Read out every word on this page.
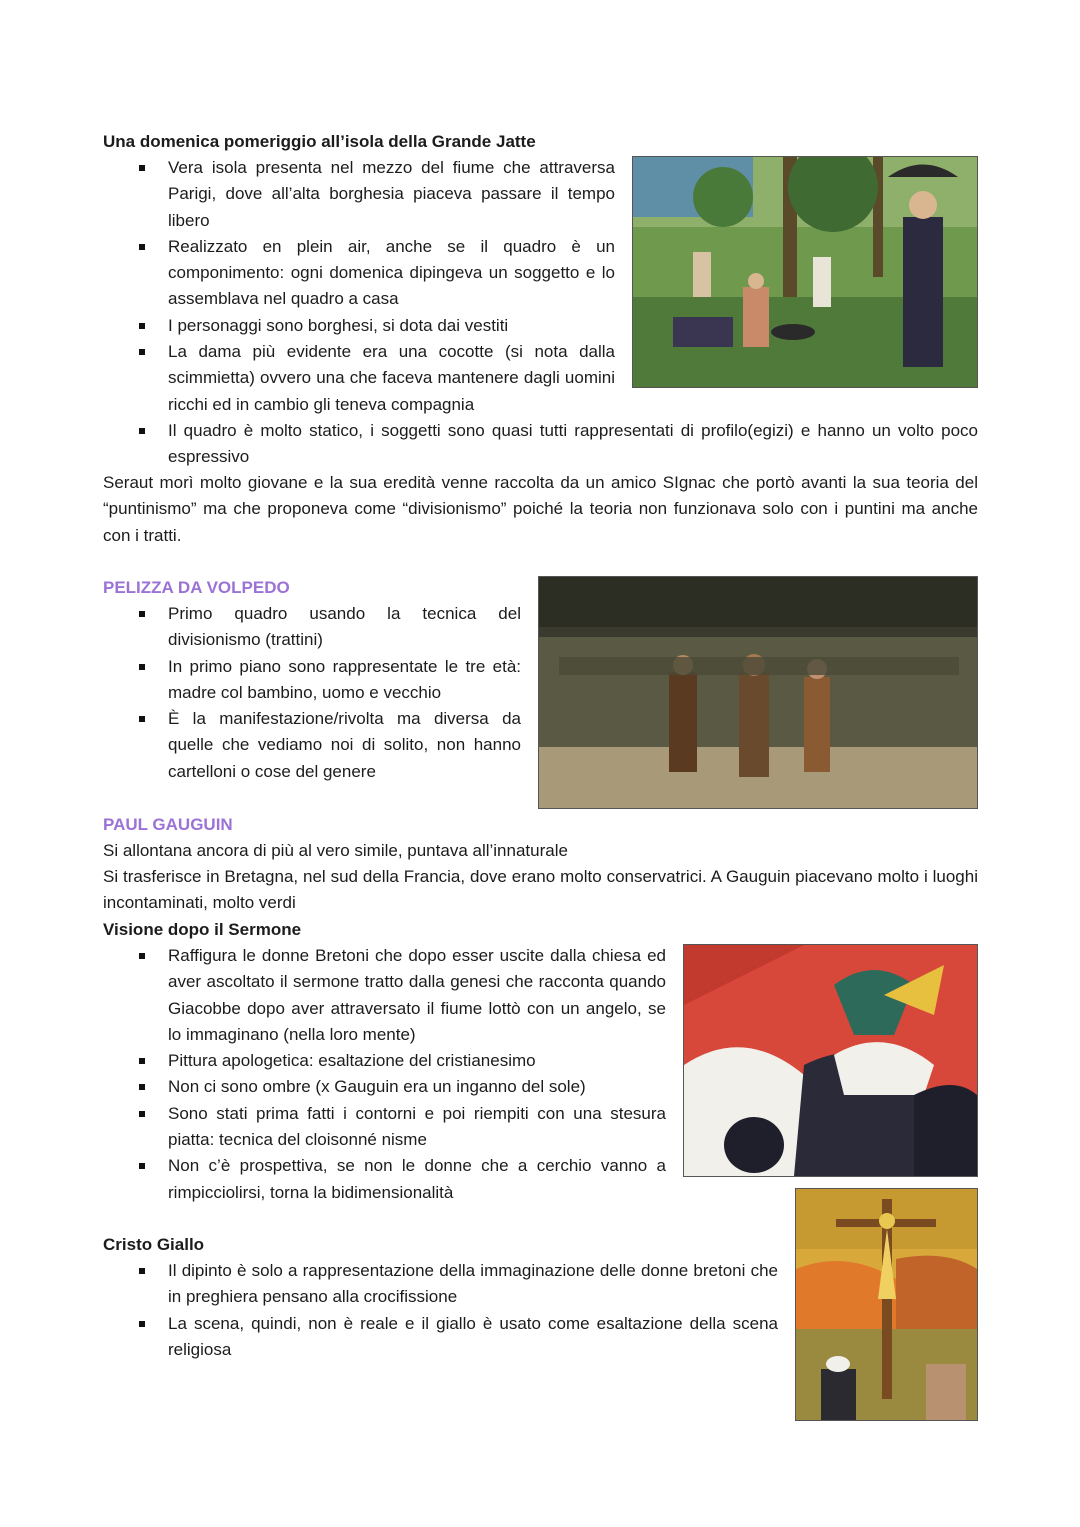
Una domenica pomeriggio all’isola della Grande Jatte
Vera isola presenta nel mezzo del fiume che attraversa Parigi, dove all’alta borghesia piaceva passare il tempo libero
Realizzato en plein air, anche se il quadro è un componimento: ogni domenica dipingeva un soggetto e lo assemblava nel quadro a casa
I personaggi sono borghesi, si dota dai vestiti
La dama più evidente era una cocotte (si nota dalla scimmietta) ovvero una che faceva mantenere dagli uomini ricchi ed in cambio gli teneva compagnia
Il quadro è molto statico, i soggetti sono quasi tutti rappresentati di profilo(egizi) e hanno un volto poco espressivo

Seraut morì molto giovane e la sua eredità venne raccolta da un amico SIgnac che portò avanti la sua teoria del “puntinismo” ma che proponeva come “divisionismo” poiché la teoria non funzionava solo con i puntini ma anche con i tratti.

PELIZZA DA VOLPEDO
Primo quadro usando la tecnica del divisionismo (trattini)
In primo piano sono rappresentate le tre età: madre col bambino, uomo e vecchio
È la manifestazione/rivolta ma diversa da quelle che vediamo noi di solito, non hanno cartelloni o cose del genere
PAUL GAUGUIN

Si allontana ancora di più al vero simile, puntava all’innaturale

Si trasferisce in Bretagna, nel sud della Francia, dove erano molto conservatrici. A Gauguin piacevano molto i luoghi incontaminati, molto verdi

Visione dopo il Sermone
Raffigura le donne Bretoni che dopo esser uscite dalla chiesa ed aver ascoltato il sermone tratto dalla genesi che racconta quando Giacobbe dopo aver attraversato il fiume lottò con un angelo, se lo immaginano (nella loro mente)
Pittura apologetica: esaltazione del cristianesimo
Non ci sono ombre (x Gauguin era un inganno del sole)
Sono stati prima fatti i contorni e poi riempiti con una stesura piatta: tecnica del cloisonné nisme
Non c’è prospettiva, se non le donne che a cerchio vanno a rimpicciolirsi, torna la bidimensionalità
Cristo Giallo
Il dipinto è solo a rappresentazione della immaginazione delle donne bretoni che in preghiera pensano alla crocifissione
La scena, quindi, non è reale e il giallo è usato come esaltazione della scena religiosa
